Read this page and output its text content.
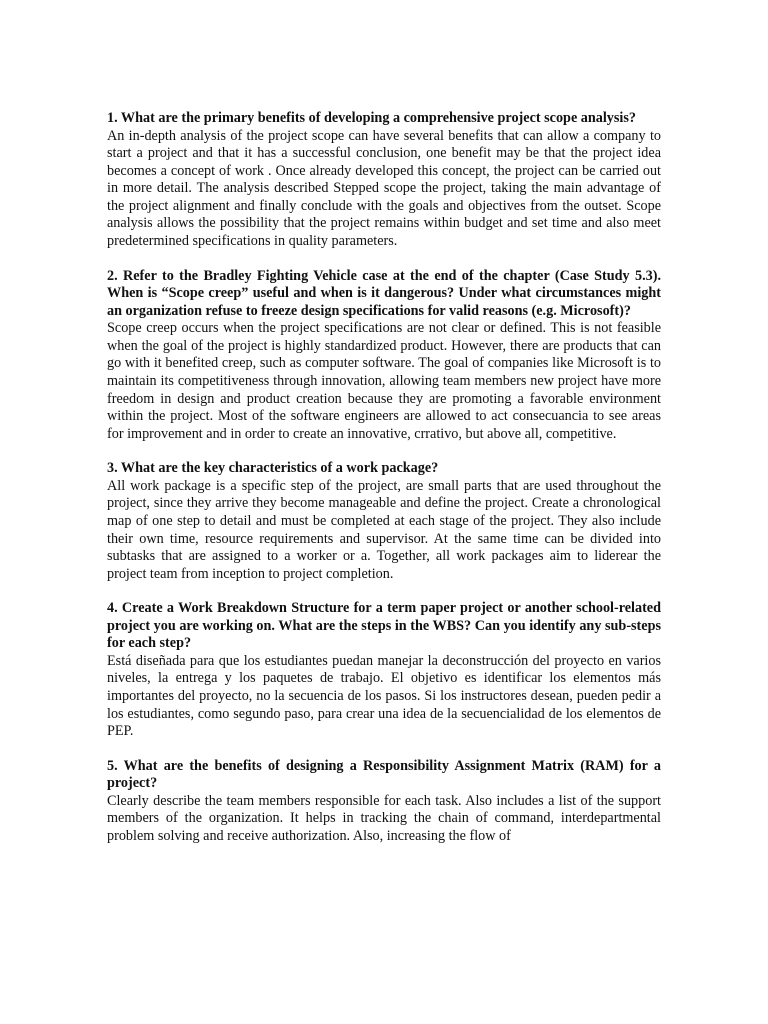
1. What are the primary benefits of developing a comprehensive project scope analysis?

An in-depth analysis of the project scope can have several benefits that can allow a company to start a project and that it has a successful conclusion, one benefit may be that the project idea becomes a concept of work . Once already developed this concept, the project can be carried out in more detail. The analysis described Stepped scope the project, taking the main advantage of the project alignment and finally conclude with the goals and objectives from the outset. Scope analysis allows the possibility that the project remains within budget and set time and also meet predetermined specifications in quality parameters.

2. Refer to the Bradley Fighting Vehicle case at the end of the chapter (Case Study 5.3). When is “Scope creep” useful and when is it dangerous? Under what circumstances might an organization refuse to freeze design specifications for valid reasons (e.g. Microsoft)?

Scope creep occurs when the project specifications are not clear or defined. This is not feasible when the goal of the project is highly standardized product. However, there are products that can go with it benefited creep, such as computer software. The goal of companies like Microsoft is to maintain its competitiveness through innovation, allowing team members new project have more freedom in design and product creation because they are promoting a favorable environment within the project. Most of the software engineers are allowed to act consecuancia to see areas for improvement and in order to create an innovative, crrativo, but above all, competitive.

3. What are the key characteristics of a work package?

All work package is a specific step of the project, are small parts that are used throughout the project, since they arrive they become manageable and define the project. Create a chronological map of one step to detail and must be completed at each stage of the project. They also include their own time, resource requirements and supervisor. At the same time can be divided into subtasks that are assigned to a worker or a. Together, all work packages aim to liderear the project team from inception to project completion.

4. Create a Work Breakdown Structure for a term paper project or another school-related project you are working on. What are the steps in the WBS? Can you identify any sub-steps for each step?

Está diseñada para que los estudiantes puedan manejar la deconstrucción del proyecto en varios niveles, la entrega y los paquetes de trabajo. El objetivo es identificar los elementos más importantes del proyecto, no la secuencia de los pasos. Si los instructores desean, pueden pedir a los estudiantes, como segundo paso, para crear una idea de la secuencialidad de los elementos de PEP.

5. What are the benefits of designing a Responsibility Assignment Matrix (RAM) for a project?

Clearly describe the team members responsible for each task. Also includes a list of the support members of the organization. It helps in tracking the chain of command, interdepartmental problem solving and receive authorization. Also, increasing the flow of
